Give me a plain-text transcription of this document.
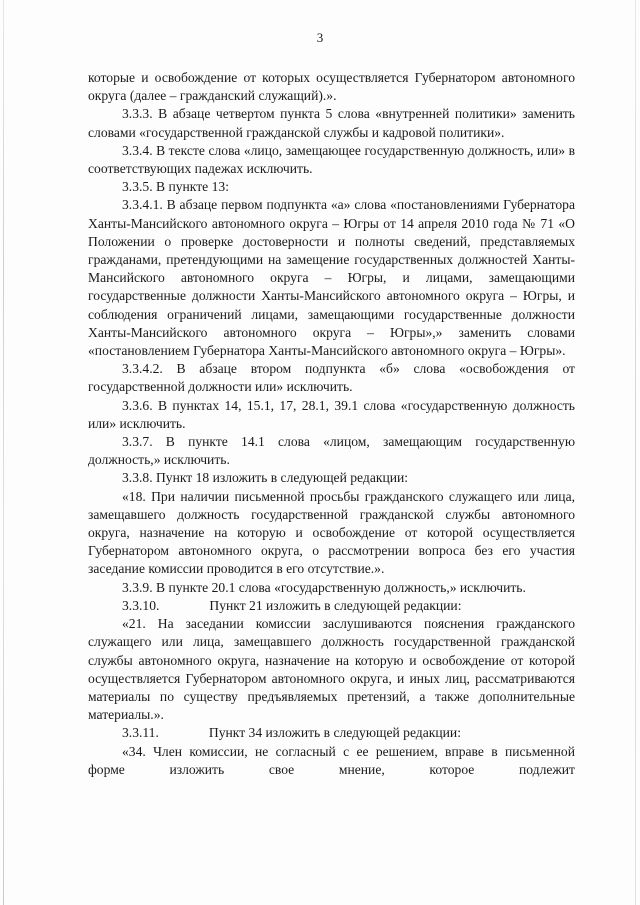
3

которые и освобождение от которых осуществляется Губернатором автономного округа (далее – гражданский служащий).».

3.3.3. В абзаце четвертом пункта 5 слова «внутренней политики» заменить словами «государственной гражданской службы и кадровой политики».

3.3.4. В тексте слова «лицо, замещающее государственную должность, или» в соответствующих падежах исключить.

3.3.5. В пункте 13:

3.3.4.1. В абзаце первом подпункта «а» слова «постановлениями Губернатора Ханты-Мансийского автономного округа – Югры от 14 апреля 2010 года № 71 «О Положении о проверке достоверности и полноты сведений, представляемых гражданами, претендующими на замещение государственных должностей Ханты-Мансийского автономного округа – Югры, и лицами, замещающими государственные должности Ханты-Мансийского автономного округа – Югры, и соблюдения ограничений лицами, замещающими государственные должности Ханты-Мансийского автономного округа – Югры»,» заменить словами «постановлением Губернатора Ханты-Мансийского автономного округа – Югры».

3.3.4.2. В абзаце втором подпункта «б» слова «освобождения от государственной должности или» исключить.

3.3.6. В пунктах 14, 15.1, 17, 28.1, 39.1 слова «государственную должность или» исключить.

3.3.7. В пункте 14.1 слова «лицом, замещающим государственную должность,» исключить.

3.3.8. Пункт 18 изложить в следующей редакции:

«18. При наличии письменной просьбы гражданского служащего или лица, замещавшего должность государственной гражданской службы автономного округа, назначение на которую и освобождение от которой осуществляется Губернатором автономного округа, о рассмотрении вопроса без его участия заседание комиссии проводится в его отсутствие.».

3.3.9. В пункте 20.1 слова «государственную должность,» исключить.

3.3.10.	Пункт 21 изложить в следующей редакции:

«21. На заседании комиссии заслушиваются пояснения гражданского служащего или лица, замещавшего должность государственной гражданской службы автономного округа, назначение на которую и освобождение от которой осуществляется Губернатором автономного округа, и иных лиц, рассматриваются материалы по существу предъявляемых претензий, а также дополнительные материалы.».

3.3.11.	Пункт 34 изложить в следующей редакции:

«34. Член комиссии, не согласный с ее решением, вправе в письменной форме изложить свое мнение, которое подлежит
